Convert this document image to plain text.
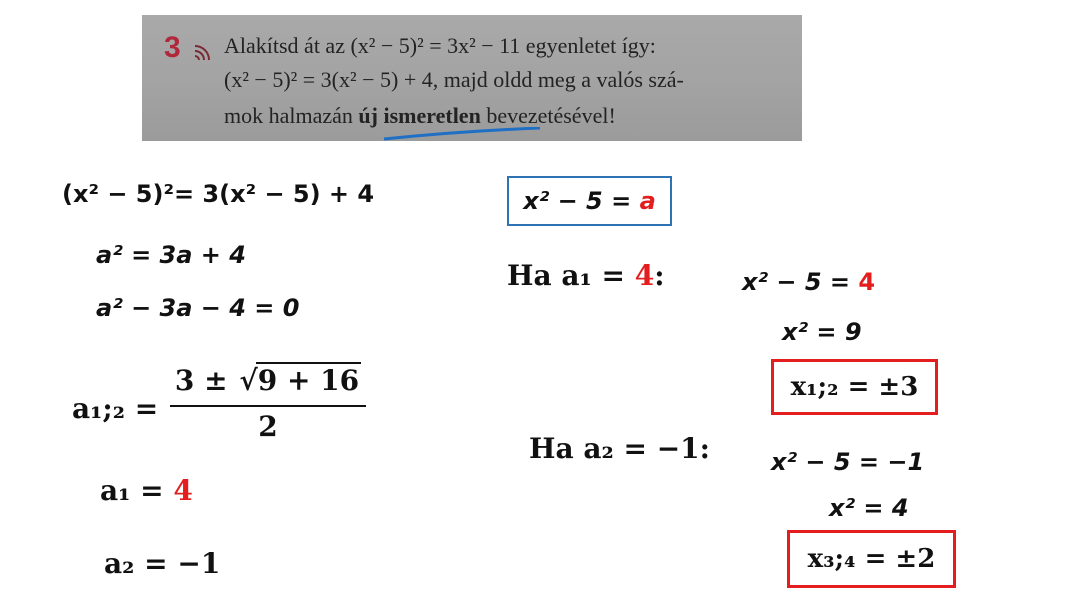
3 Alakítsd át az (x² − 5)² = 3x² − 11 egyenletet így:
(x² − 5)² = 3(x² − 5) + 4, majd oldd meg a valós szá-
mok halmazán új ismeretlen bevezetésével!
(x² − 5)²= 3(x² − 5) + 4
a² = 3a + 4
a² − 3a − 4 = 0
a₁;₂ =
3 ± √9 + 16
2
a₁ = 4
a₂ = −1
x² − 5 = a
Ha a₁ = 4:	x² − 5 = 4
x² = 9
x₁;₂ = ±3
Ha a₂ = −1:	x² − 5 = −1
x² = 4
x₃;₄ = ±2
